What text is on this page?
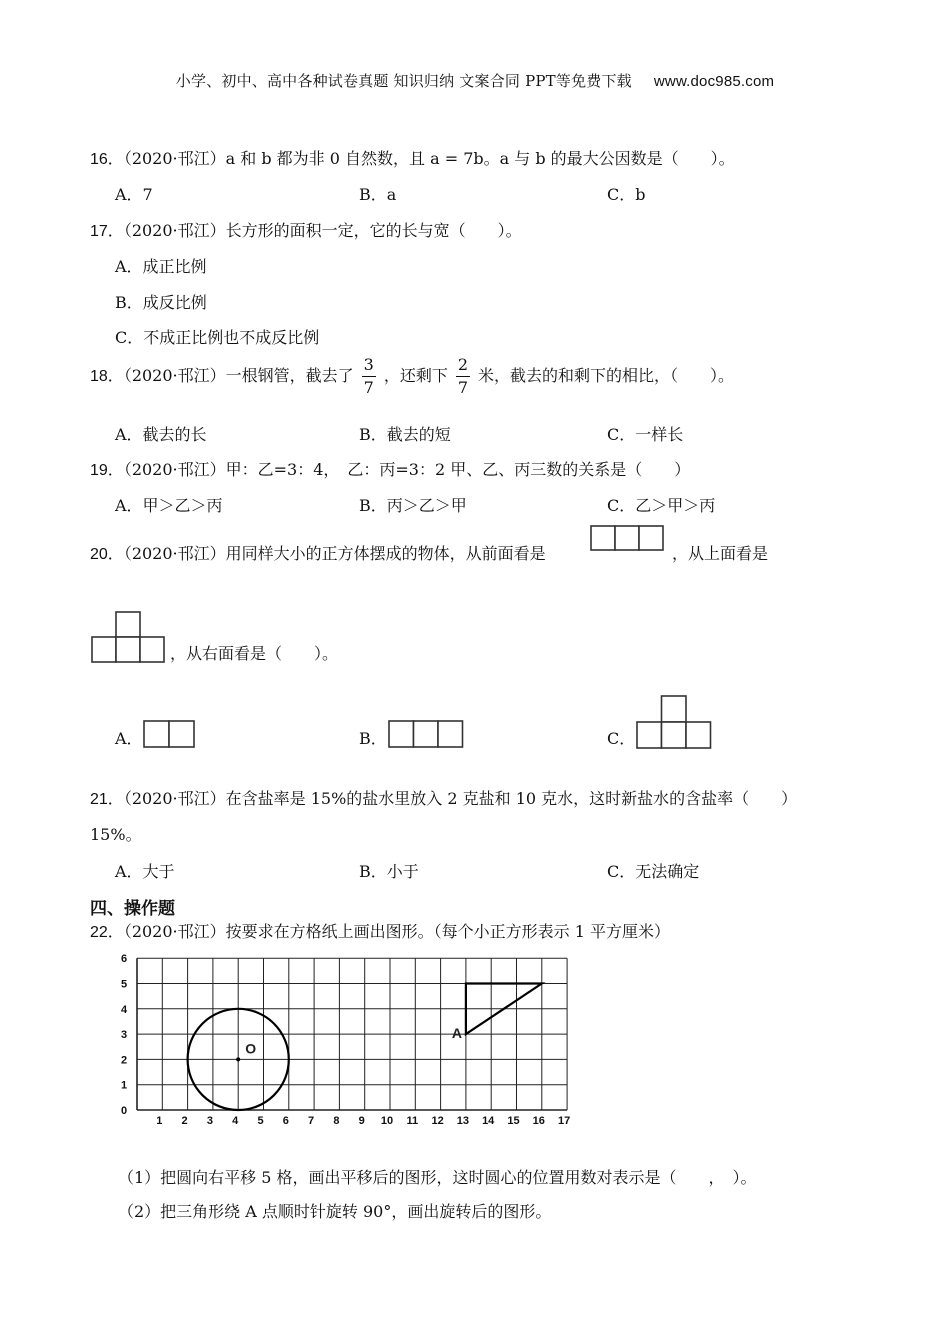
小学、初中、高中各种试卷真题 知识归纳 文案合同 PPT等免费下载 www.doc985.com
16．（2020·邗江）a 和 b 都为非 0 自然数，且 a = 7b。a 与 b 的最大公因数是（　　）。
A．7	B．a	C．b
17．（2020·邗江）长方形的面积一定，它的长与宽（　　）。
A．成正比例
B．成反比例
C．不成正比例也不成反比例
18．（2020·邗江）一根钢管，截去了 $\frac{3}{7}$ ，还剩下 $\frac{2}{7}$ 米，截去的和剩下的相比，（　　）。
A．截去的长	B．截去的短	C．一样长
19．（2020·邗江）甲：乙=3：4，　乙：丙=3：2 甲、乙、丙三数的关系是（　　）
A．甲＞乙＞丙	B．丙＞乙＞甲	C．乙＞甲＞丙
20．（2020·邗江）用同样大小的正方体摆成的物体，从前面看是	，从上面看是
，从右面看是（　　）。
A．	B．	C．
21．（2020·邗江）在含盐率是 15%的盐水里放入 2 克盐和 10 克水，这时新盐水的含盐率（　　）
15%。
A．大于	B．小于	C．无法确定
四、操作题
22．（2020·邗江）按要求在方格纸上画出图形。（每个小正方形表示 1 平方厘米）
1 2 3 4 5 6 7 8 9 10 11 12 13 14 15 16 17
0
1
2
3
4
5
6
O
A
（1）把圆向右平移 5 格，画出平移后的图形，这时圆心的位置用数对表示是（　　，　）。
（2）把三角形绕 A 点顺时针旋转 90°，画出旋转后的图形。
